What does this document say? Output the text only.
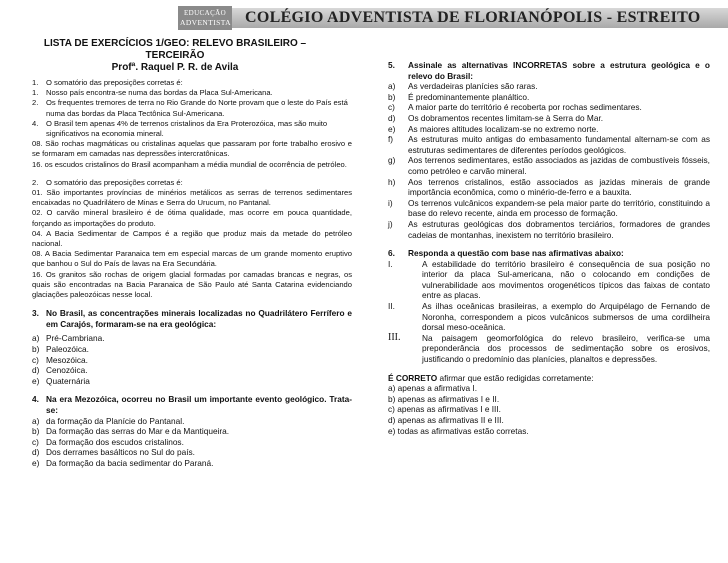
EDUCAÇÃO
ADVENTISTA COLÉGIO ADVENTISTA DE FLORIANÓPOLIS - ESTREITO
LISTA DE EXERCÍCIOS 1/GEO: RELEVO BRASILEIRO – TERCEIRÃO
Profª. Raquel P. R. de Avila
1.	O somatório das preposições corretas é:
1.	Nosso país encontra-se numa das bordas da Placa Sul-Americana.
2.	Os frequentes tremores de terra no Rio Grande do Norte provam que o leste do País está numa das bordas da Placa Tectônica Sul-Americana.
4.	O Brasil tem apenas 4% de terrenos cristalinos da Era Proterozóica, mas são muito significativos na economia mineral.
08. São rochas magmáticas ou cristalinas aquelas que passaram por forte trabalho erosivo e se formaram em camadas nas depressões intercratônicas.
16. os escudos cristalinos do Brasil acompanham a média mundial de ocorrência de petróleo.
2.	O somatório das preposições corretas é:
01. São importantes províncias de minérios metálicos as serras de terrenos sedimentares encaixadas no Quadrilátero de Minas e Serra do Urucum, no Pantanal.
02. O carvão mineral brasileiro é de ótima qualidade, mas ocorre em pouca quantidade, forçando as importações do produto.
04. A Bacia Sedimentar de Campos é a região que produz mais da metade do petróleo nacional.
08. A Bacia Sedimentar Paranaica tem em especial marcas de um grande momento eruptivo que banhou o Sul do País de lavas na Era Secundária.
16. Os granitos são rochas de origem glacial formadas por camadas brancas e negras, os quais são encontradas na Bacia Paranaica de São Paulo até Santa Catarina evidenciando glaciações paleozóicas nesse local.
3. No Brasil, as concentrações minerais localizadas no Quadrilátero Ferrífero e em Carajós, formaram-se na era geológica:
a) Pré-Cambriana.
b) Paleozóica.
c) Mesozóica.
d) Cenozóica.
e) Quaternária
4. Na era Mezozóica, ocorreu no Brasil um importante evento geológico. Trata-se:
a) da formação da Planície do Pantanal.
b) Da formação das serras do Mar e da Mantiqueira.
c) Da formação dos escudos cristalinos.
d) Dos derrames basálticos no Sul do país.
e) Da formação da bacia sedimentar do Paraná.
5.	Assinale as alternativas INCORRETAS sobre a estrutura geológica e o relevo do Brasil:
a)	As verdadeiras planícies são raras.
b)	É predominantemente planáltico.
c)	A maior parte do território é recoberta por rochas sedimentares.
d)	Os dobramentos recentes limitam-se à Serra do Mar.
e)	As maiores altitudes localizam-se no extremo norte.
f)	As estruturas muito antigas do embasamento fundamental alternam-se com as estruturas sedimentares de diferentes períodos geológicos.
g)	Aos terrenos sedimentares, estão associados as jazidas de combustíveis fósseis, como petróleo e carvão mineral.
h)	Aos terrenos cristalinos, estão associados as jazidas minerais de grande importância econômica, como o minério-de-ferro e a bauxita.
i)	Os terrenos vulcânicos expandem-se pela maior parte do território, constituindo a base do relevo recente, ainda em processo de formação.
j)	As estruturas geológicas dos dobramentos terciários, formadores de grandes cadeias de montanhas, inexistem no território brasileiro.
6.	Responda a questão com base nas afirmativas abaixo:
I.	A estabilidade do território brasileiro é consequência de sua posição no interior da placa Sul-americana, não o colocando em condições de vulnerabilidade aos movimentos orogenéticos típicos das faixas de contato entre as placas.
II.	As ilhas oceânicas brasileiras, a exemplo do Arquipélago de Fernando de Noronha, correspondem a picos vulcânicos submersos de uma cordilheira dorsal meso-oceânica.
III.	Na paisagem geomorfológica do relevo brasileiro, verifica-se uma preponderância dos processos de sedimentação sobre os erosivos, justificando o predomínio das planícies, planaltos e depressões.
É CORRETO afirmar que estão redigidas corretamente:
a) apenas a afirmativa I.
b) apenas as afirmativas I e II.
c) apenas as afirmativas I e III.
d) apenas as afirmativas II e III.
e) todas as afirmativas estão corretas.
